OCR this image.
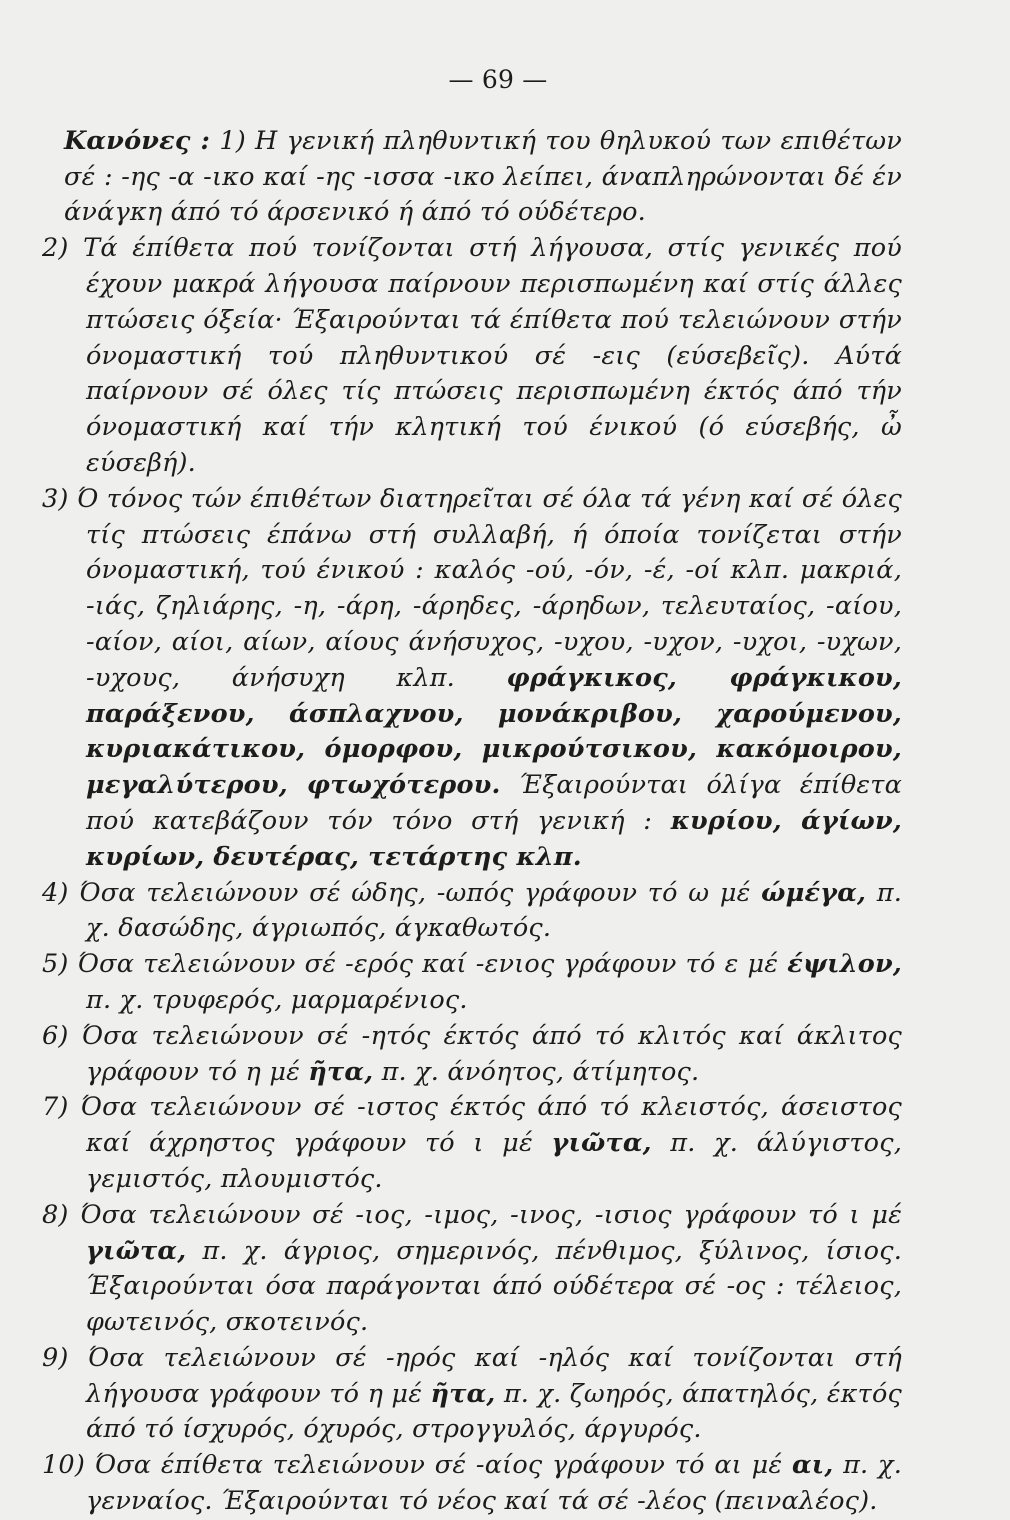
— 69 —

Κανόνες : 1) Η γενική πληθυντική του θηλυκού των επιθέτων σέ : -ης -α -ικο καί -ης -ισσα -ικο λείπει, άναπληρώνονται δέ έν άνάγκη άπό τό άρσενικό ή άπό τό ούδέτερο.

2) Τά έπίθετα πού τονίζονται στή λήγουσα, στίς γενικές πού έχουν μακρά λήγουσα παίρνουν περισπωμένη καί στίς άλλες πτώσεις όξεία· Έξαιρούνται τά έπίθετα πού τελειώνουν στήν όνομαστική τού πληθυντικού σέ -εις (εύσεβεῖς). Αύτά παίρνουν σέ όλες τίς πτώσεις περισπωμένη έκτός άπό τήν όνομαστική καί τήν κλητική τού ένικού (ό εύσεβής, ὦ εύσεβή).

3) Ό τόνος τών έπιθέτων διατηρεῖται σέ όλα τά γένη καί σέ όλες τίς πτώσεις έπάνω στή συλλαβή, ή όποία τονίζεται στήν όνομαστική, τού ένικού : καλός -ού, -όν, -έ, -οί κλπ. μακριά, -ιάς, ζηλιάρης, -η, -άρη, -άρηδες, -άρηδων, τελευταίος, -αίου, -αίον, αίοι, αίων, αίους άνήσυχος, -υχου, -υχον, -υχοι, -υχων, -υχους, άνήσυχη κλπ. φράγκικος, φράγκικου, παράξενου, άσπλαχνου, μονάκριβου, χαρούμενου, κυριακάτικου, όμορφου, μικρούτσικου, κακόμοιρου, μεγαλύτερου, φτωχότερου. Έξαιρούνται όλίγα έπίθετα πού κατεβάζουν τόν τόνο στή γενική : κυρίου, άγίων, κυρίων, δευτέρας, τετάρτης κλπ.

4) Όσα τελειώνουν σέ ώδης, -ωπός γράφουν τό ω μέ ώμέγα, π. χ. δασώδης, άγριωπός, άγκαθωτός.

5) Όσα τελειώνουν σέ -ερός καί -ενιος γράφουν τό ε μέ έψιλον, π. χ. τρυφερός, μαρμαρένιος.

6) Όσα τελειώνουν σέ -ητός έκτός άπό τό κλιτός καί άκλιτος γράφουν τό η μέ ῆτα, π. χ. άνόητος, άτίμητος.

7) Όσα τελειώνουν σέ -ιστος έκτός άπό τό κλειστός, άσειστος καί άχρηστος γράφουν τό ι μέ γιῶτα, π. χ. άλύγιστος, γεμιστός, πλουμιστός.

8) Όσα τελειώνουν σέ -ιος, -ιμος, -ινος, -ισιος γράφουν τό ι μέ γιῶτα, π. χ. άγριος, σημερινός, πένθιμος, ξύλινος, ίσιος. Έξαιρούνται όσα παράγονται άπό ούδέτερα σέ -ος : τέλειος, φωτεινός, σκοτεινός.

9) Όσα τελειώνουν σέ -ηρός καί -ηλός καί τονίζονται στή λήγουσα γράφουν τό η μέ ῆτα, π. χ. ζωηρός, άπατηλός, έκτός άπό τό ίσχυρός, όχυρός, στρογγυλός, άργυρός.

10) Όσα έπίθετα τελειώνουν σέ -αίος γράφουν τό αι μέ αι, π. χ. γενναίος. Έξαιρούνται τό νέος καί τά σέ -λέος (πειναλέος).
